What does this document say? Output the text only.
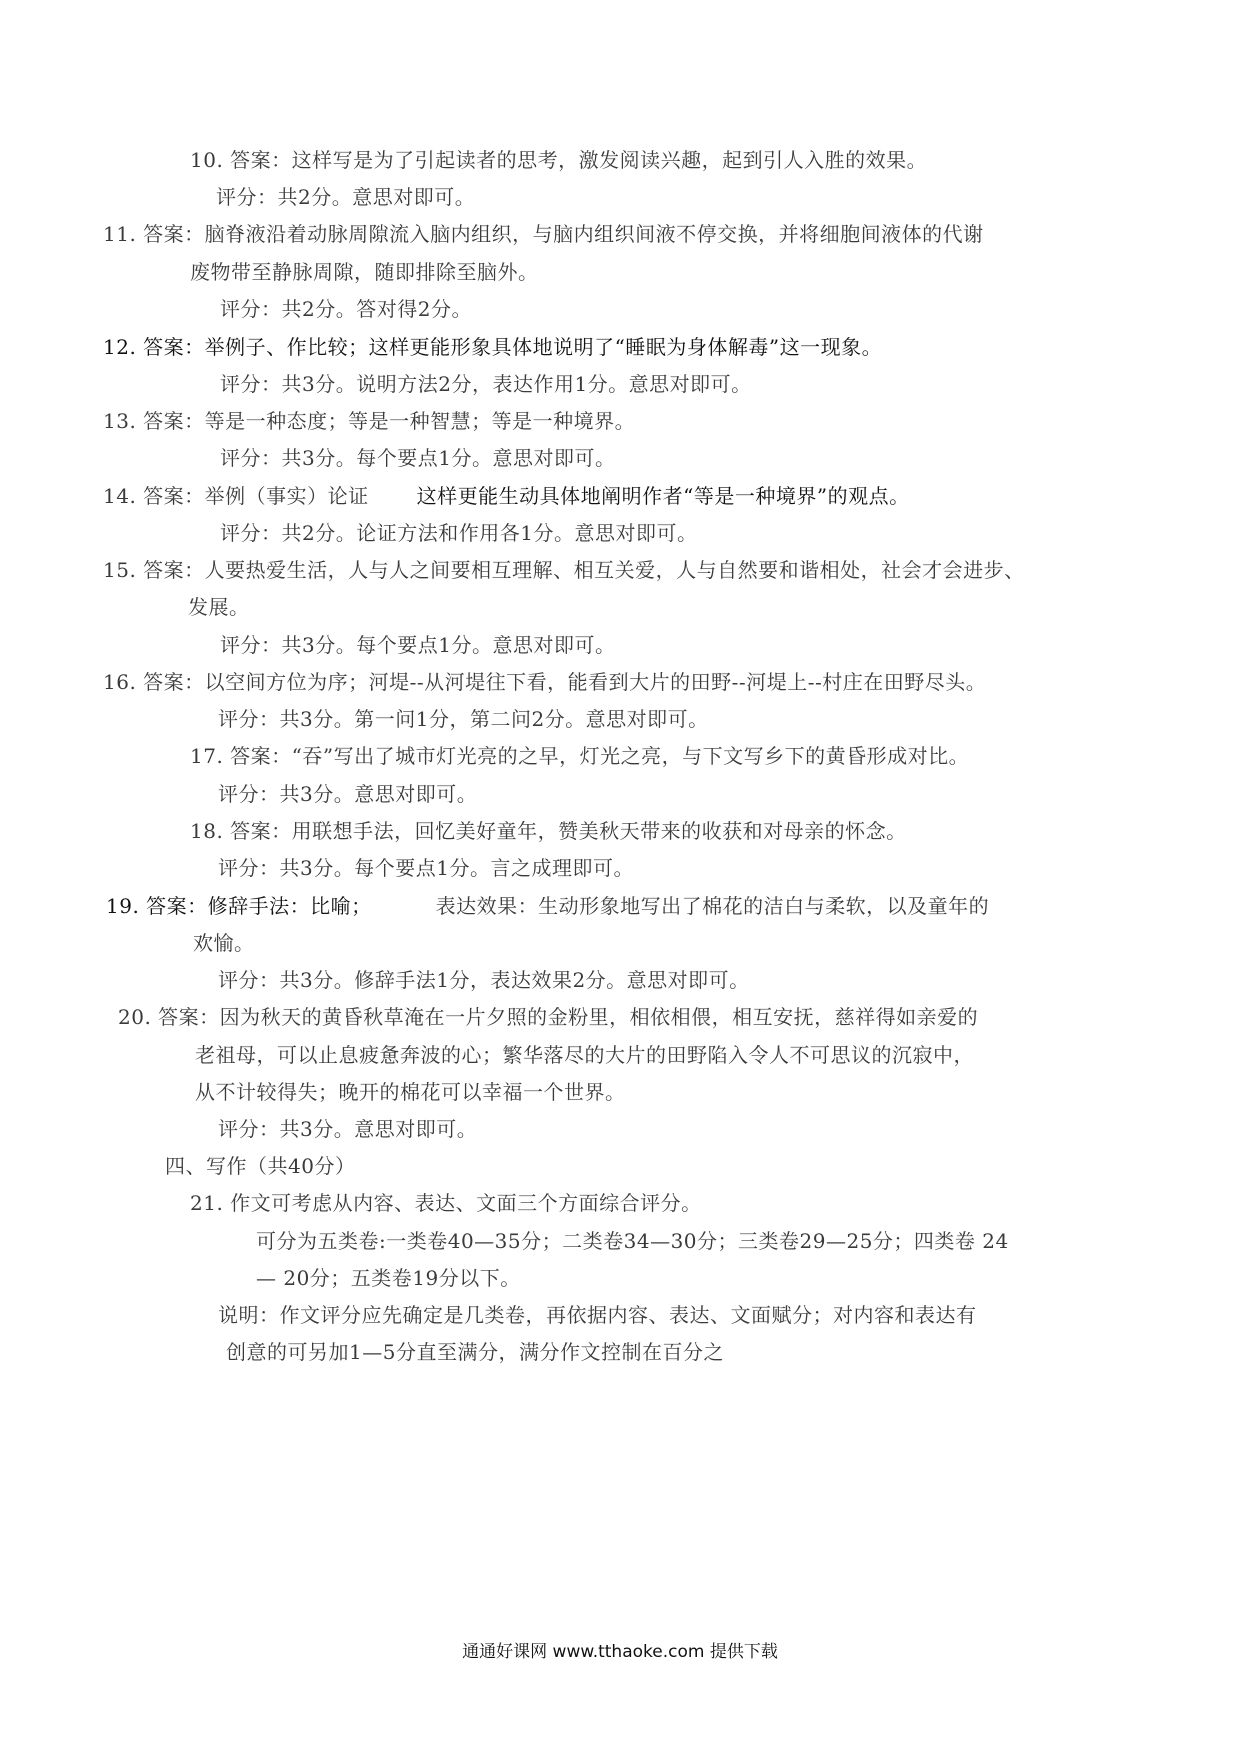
10. 答案：这样写是为了引起读者的思考，激发阅读兴趣，起到引人入胜的效果。
评分：共2分。意思对即可。
11. 答案：脑脊液沿着动脉周隙流入脑内组织，与脑内组织间液不停交换，并将细胞间液体的代谢
废物带至静脉周隙，随即排除至脑外。
评分：共2分。答对得2分。
12. 答案：举例子、作比较；这样更能形象具体地说明了“睡眠为身体解毒”这一现象。
评分：共3分。说明方法2分，表达作用1分。意思对即可。
13. 答案：等是一种态度；等是一种智慧；等是一种境界。
评分：共3分。每个要点1分。意思对即可。
14. 答案：举例（事实）论证 这样更能生动具体地阐明作者“等是一种境界”的观点。
评分：共2分。论证方法和作用各1分。意思对即可。
15. 答案：人要热爱生活，人与人之间要相互理解、相互关爱，人与自然要和谐相处，社会才会进步、
发展。
评分：共3分。每个要点1分。意思对即可。
16. 答案：以空间方位为序；河堤--从河堤往下看，能看到大片的田野--河堤上--村庄在田野尽头。
评分：共3分。第一问1分，第二问2分。意思对即可。
17. 答案：“吞”写出了城市灯光亮的之早，灯光之亮，与下文写乡下的黄昏形成对比。
评分：共3分。意思对即可。
18. 答案：用联想手法，回忆美好童年，赞美秋天带来的收获和对母亲的怀念。
评分：共3分。每个要点1分。言之成理即可。
19. 答案：修辞手法：比喻；	表达效果：生动形象地写出了棉花的洁白与柔软，以及童年的
欢愉。
评分：共3分。修辞手法1分，表达效果2分。意思对即可。
20. 答案：因为秋天的黄昏秋草淹在一片夕照的金粉里，相依相偎，相互安抚，慈祥得如亲爱的
老祖母，可以止息疲惫奔波的心；繁华落尽的大片的田野陷入令人不可思议的沉寂中，
从不计较得失；晚开的棉花可以幸福一个世界。
评分：共3分。意思对即可。
四、写作（共40分）
21. 作文可考虑从内容、表达、文面三个方面综合评分。
可分为五类卷:一类卷40—35分；二类卷34—30分；三类卷29—25分；四类卷 24
— 20分；五类卷19分以下。
说明：作文评分应先确定是几类卷，再依据内容、表达、文面赋分；对内容和表达有
创意的可另加1—5分直至满分，满分作文控制在百分之
通通好课网 www.tthaoke.com 提供下载
